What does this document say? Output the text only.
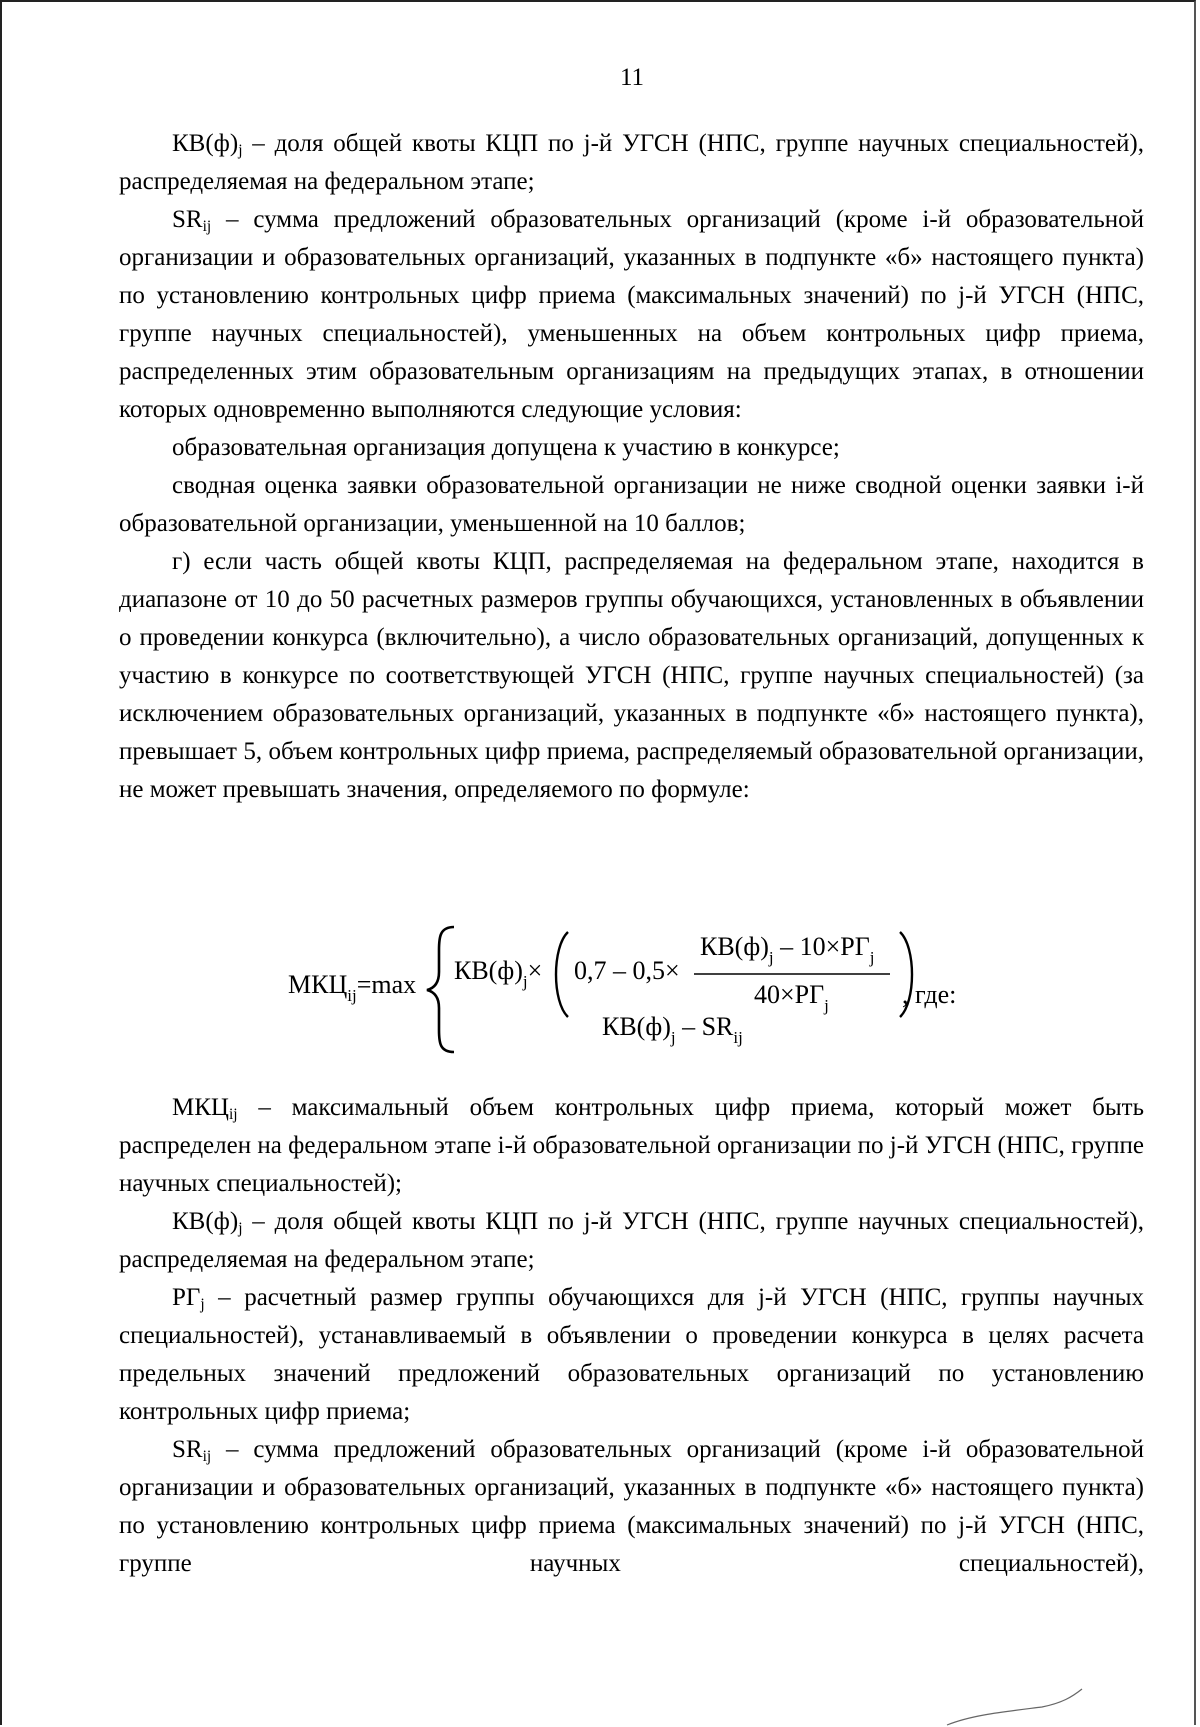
11

$КВ(ф)_j$ – доля общей квоты КЦП по j-й УГСН (НПС, группе научных специальностей), распределяемая на федеральном этапе;

$SR_{ij}$ – сумма предложений образовательных организаций (кроме i-й образовательной организации и образовательных организаций, указанных в подпункте «б» настоящего пункта) по установлению контрольных цифр приема (максимальных значений) по j-й УГСН (НПС, группе научных специальностей), уменьшенных на объем контрольных цифр приема, распределенных этим образовательным организациям на предыдущих этапах, в отношении которых одновременно выполняются следующие условия:

образовательная организация допущена к участию в конкурсе;

сводная оценка заявки образовательной организации не ниже сводной оценки заявки i-й образовательной организации, уменьшенной на 10 баллов;

г) если часть общей квоты КЦП, распределяемая на федеральном этапе, находится в диапазоне от 10 до 50 расчетных размеров группы обучающихся, установленных в объявлении о проведении конкурса (включительно), а число образовательных организаций, допущенных к участию в конкурсе по соответствующей УГСН (НПС, группе научных специальностей) (за исключением образовательных организаций, указанных в подпункте «б» настоящего пункта), превышает 5, объем контрольных цифр приема, распределяемый образовательной организации, не может превышать значения, определяемого по формуле:

$МКЦ_{ij}=\max$ $КВ(ф)_j\times 0,7 - 0,5\times$
$КВ(ф)_j - 10\times РГ_j$
$40\times РГ_j$	, где:
$КВ(ф)_j - SR_{ij}$

$МКЦ_{ij}$ – максимальный объем контрольных цифр приема, который может быть распределен на федеральном этапе i-й образовательной организации по j-й УГСН (НПС, группе научных специальностей);

$КВ(ф)_j$ – доля общей квоты КЦП по j-й УГСН (НПС, группе научных специальностей), распределяемая на федеральном этапе;

$РГ_j$ – расчетный размер группы обучающихся для j-й УГСН (НПС, группы научных специальностей), устанавливаемый в объявлении о проведении конкурса в целях расчета предельных значений предложений образовательных организаций по установлению контрольных цифр приема;

$SR_{ij}$ – сумма предложений образовательных организаций (кроме i-й образовательной организации и образовательных организаций, указанных в подпункте «б» настоящего пункта) по установлению контрольных цифр приема (максимальных значений) по j-й УГСН (НПС, группе научных специальностей),
